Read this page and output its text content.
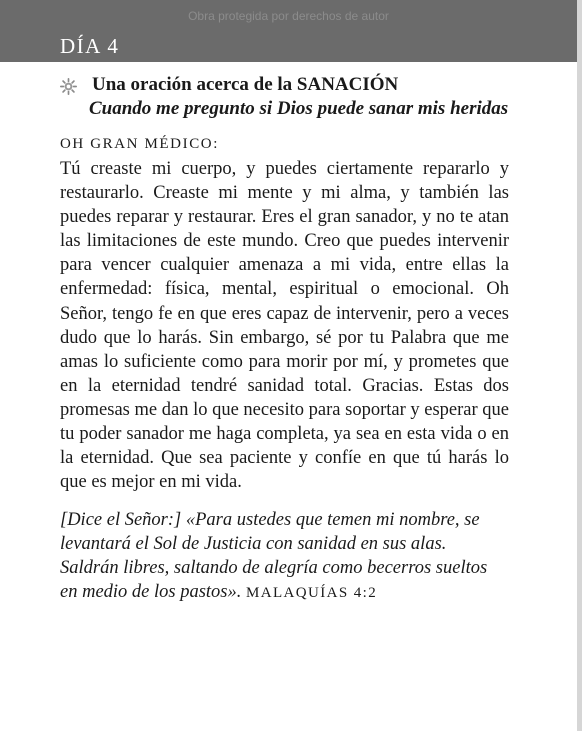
Obra protegida por derechos de autor
DÍA 4
Una oración acerca de la SANACIÓN
Cuando me pregunto si Dios puede sanar mis heridas
OH GRAN MÉDICO:
Tú creaste mi cuerpo, y puedes ciertamente repararlo y restaurarlo. Creaste mi mente y mi alma, y también las puedes reparar y restaurar. Eres el gran sanador, y no te atan las limitaciones de este mundo. Creo que puedes intervenir para vencer cualquier amenaza a mi vida, entre ellas la enfermedad: física, mental, espiritual o emocional. Oh Señor, tengo fe en que eres capaz de intervenir, pero a veces dudo que lo harás. Sin embargo, sé por tu Palabra que me amas lo suficiente como para morir por mí, y prometes que en la eternidad tendré sanidad total. Gracias. Estas dos promesas me dan lo que necesito para soportar y esperar que tu poder sanador me haga completa, ya sea en esta vida o en la eternidad. Que sea paciente y confíe en que tú harás lo que es mejor en mi vida.
[Dice el Señor:] «Para ustedes que temen mi nombre, se levantará el Sol de Justicia con sanidad en sus alas. Saldrán libres, saltando de alegría como becerros sueltos en medio de los pastos». MALAQUÍAS 4:2
